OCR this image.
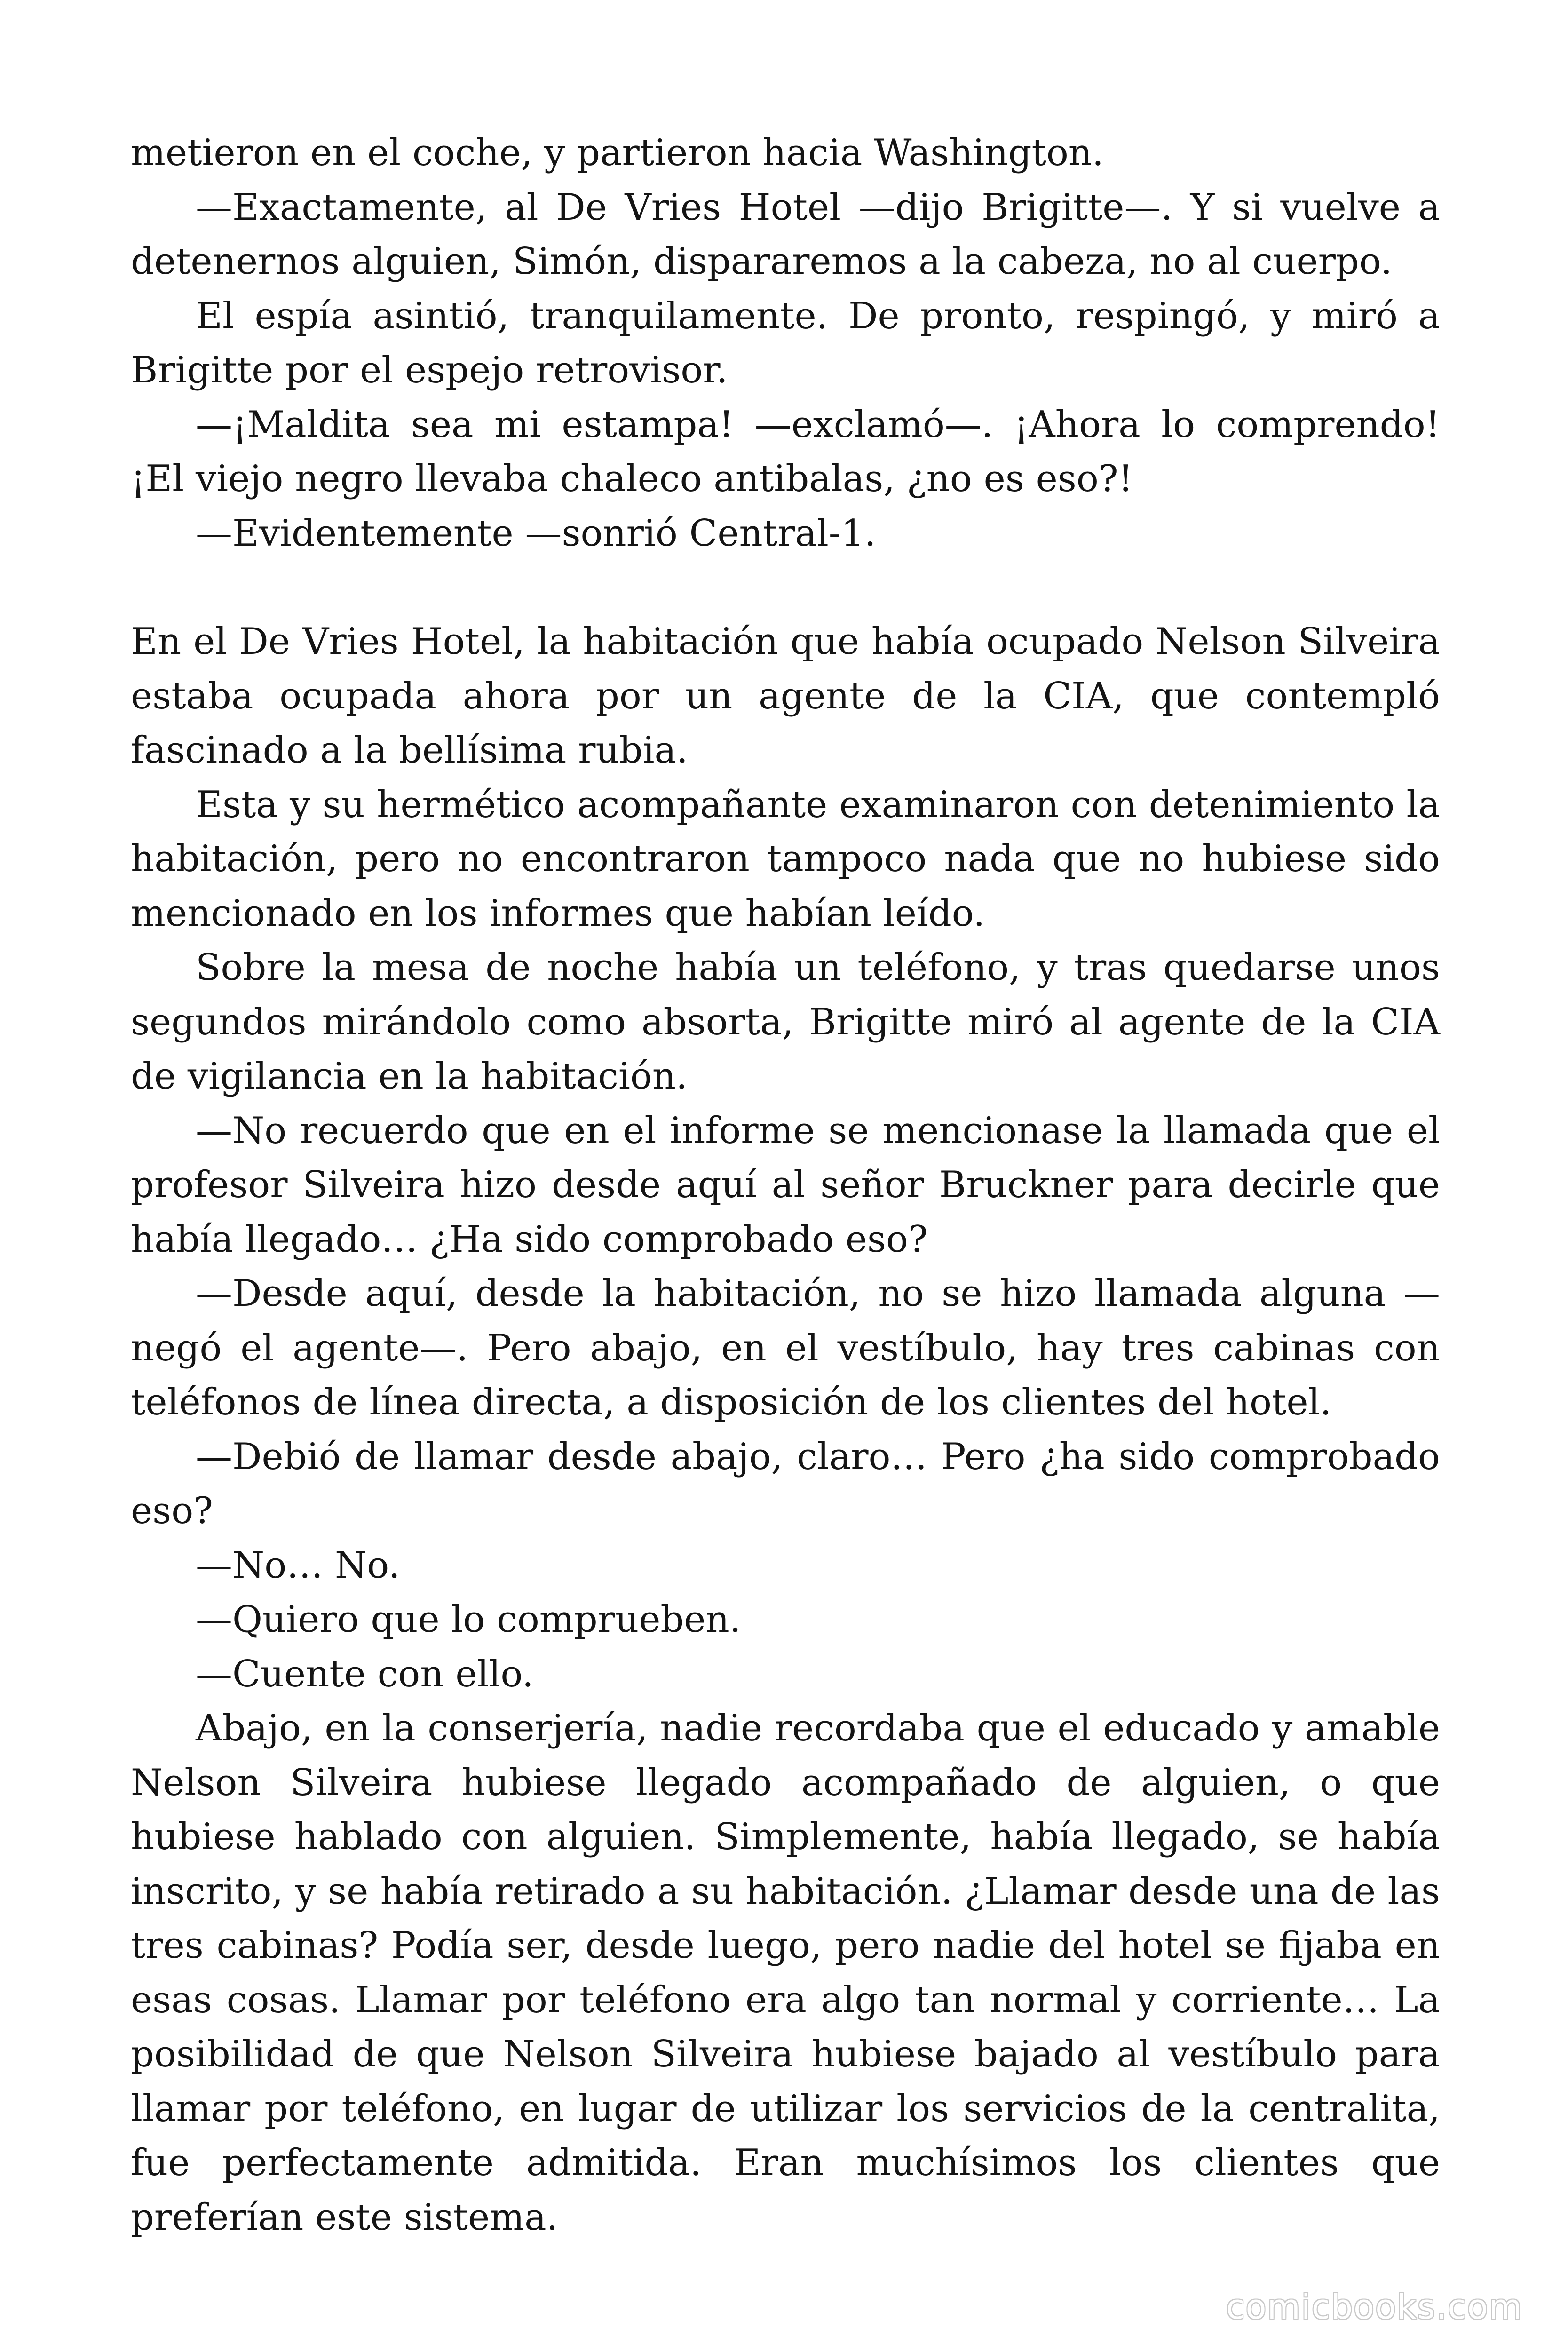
metieron en el coche, y partieron hacia Washington.

—Exactamente, al De Vries Hotel —dijo Brigitte—. Y si vuelve a detenernos alguien, Simón, dispararemos a la cabeza, no al cuerpo.

El espía asintió, tranquilamente. De pronto, respingó, y miró a Brigitte por el espejo retrovisor.

—¡Maldita sea mi estampa! —exclamó—. ¡Ahora lo comprendo! ¡El viejo negro llevaba chaleco antibalas, ¿no es eso?!

—Evidentemente —sonrió Central-1.

En el De Vries Hotel, la habitación que había ocupado Nelson Silveira estaba ocupada ahora por un agente de la CIA, que contempló fascinado a la bellísima rubia.

Esta y su hermético acompañante examinaron con detenimiento la habitación, pero no encontraron tampoco nada que no hubiese sido mencionado en los informes que habían leído.

Sobre la mesa de noche había un teléfono, y tras quedarse unos segundos mirándolo como absorta, Brigitte miró al agente de la CIA de vigilancia en la habitación.

—No recuerdo que en el informe se mencionase la llamada que el profesor Silveira hizo desde aquí al señor Bruckner para decirle que había llegado… ¿Ha sido comprobado eso?

—Desde aquí, desde la habitación, no se hizo llamada alguna —negó el agente—. Pero abajo, en el vestíbulo, hay tres cabinas con teléfonos de línea directa, a disposición de los clientes del hotel.

—Debió de llamar desde abajo, claro… Pero ¿ha sido comprobado eso?

—No… No.

—Quiero que lo comprueben.

—Cuente con ello.

Abajo, en la conserjería, nadie recordaba que el educado y amable Nelson Silveira hubiese llegado acompañado de alguien, o que hubiese hablado con alguien. Simplemente, había llegado, se había inscrito, y se había retirado a su habitación. ¿Llamar desde una de las tres cabinas? Podía ser, desde luego, pero nadie del hotel se fijaba en esas cosas. Llamar por teléfono era algo tan normal y corriente… La posibilidad de que Nelson Silveira hubiese bajado al vestíbulo para llamar por teléfono, en lugar de utilizar los servicios de la centralita, fue perfectamente admitida. Eran muchísimos los clientes que preferían este sistema.

comicbooks.com
